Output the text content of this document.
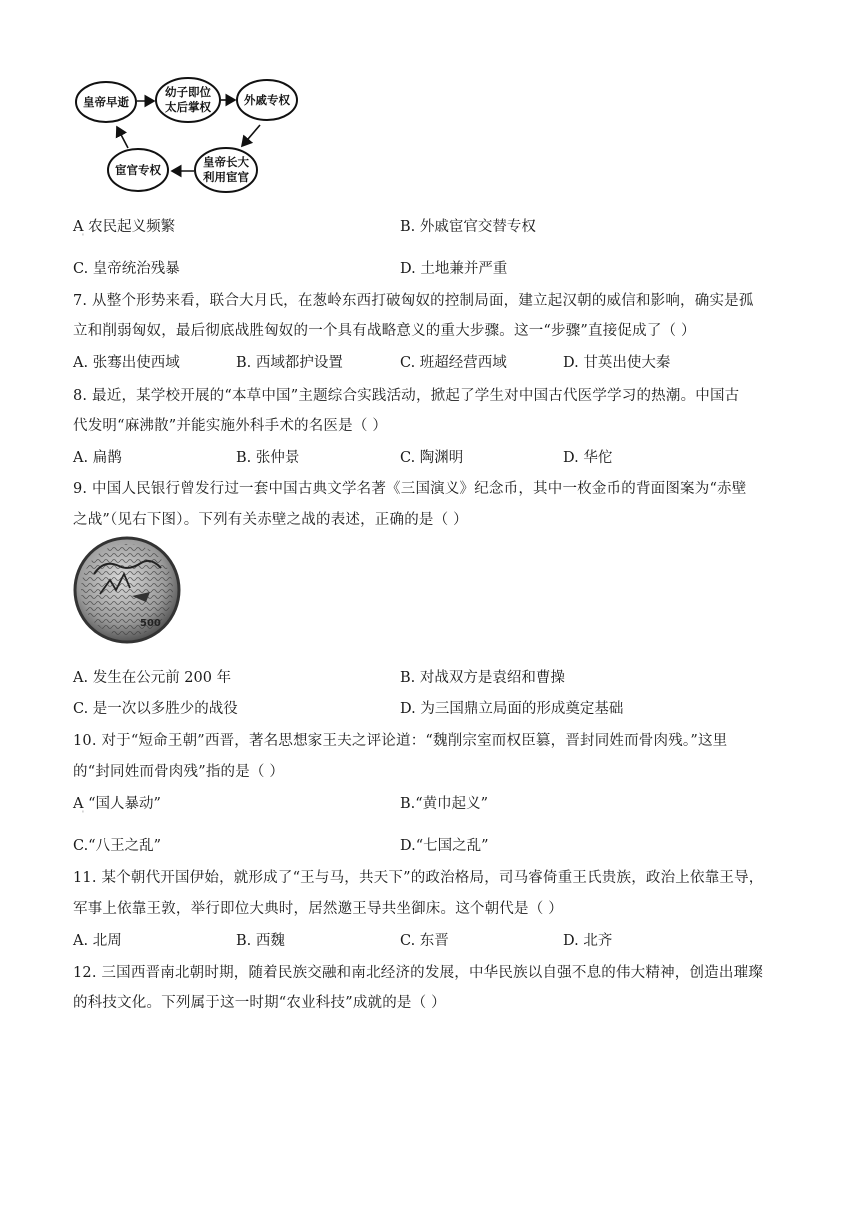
皇帝早逝
幼子即位
太后掌权	外戚专权
皇帝长大
利用宦官
宦官专权
A 农民起义频繁
'
B. 外戚宦官交替专权
C. 皇帝统治残暴	D. 土地兼并严重
7. 从整个形势来看，联合大月氏，在葱岭东西打破匈奴的控制局面，建立起汉朝的威信和影响，确实是孤
立和削弱匈奴，最后彻底战胜匈奴的一个具有战略意义的重大步骤。这一“步骤”直接促成了（ ）
A. 张骞出使西域	B. 西域都护设置	C. 班超经营西域	D. 甘英出使大秦
8. 最近，某学校开展的“本草中国”主题综合实践活动，掀起了学生对中国古代医学学习的热潮。中国古
代发明“麻沸散”并能实施外科手术的名医是（ ）
A. 扁鹊	B. 张仲景	C. 陶渊明	D. 华佗
9. 中国人民银行曾发行过一套中国古典文学名著《三国演义》纪念币，其中一枚金币的背面图案为“赤壁
之战”（见右下图）。下列有关赤壁之战的表述，正确的是（ ）
500
A. 发生在公元前 200 年	B. 对战双方是袁绍和曹操
C. 是一次以多胜少的战役	D. 为三国鼎立局面的形成奠定基础
10. 对于“短命王朝”西晋，著名思想家王夫之评论道：“魏削宗室而权臣篡，晋封同姓而骨肉残。”这里
的“封同姓而骨肉残”指的是（ ）
A “国人暴动”
'
B.“黄巾起义”
C.“八王之乱”	D.“七国之乱”
11. 某个朝代开国伊始，就形成了“王与马，共天下”的政治格局，司马睿倚重王氏贵族，政治上依靠王导，
军事上依靠王敦，举行即位大典时，居然邀王导共坐御床。这个朝代是（ ）
A. 北周	B. 西魏	C. 东晋	D. 北齐
12. 三国西晋南北朝时期，随着民族交融和南北经济的发展，中华民族以自强不息的伟大精神，创造出璀璨
的科技文化。下列属于这一时期“农业科技”成就的是（ ）
